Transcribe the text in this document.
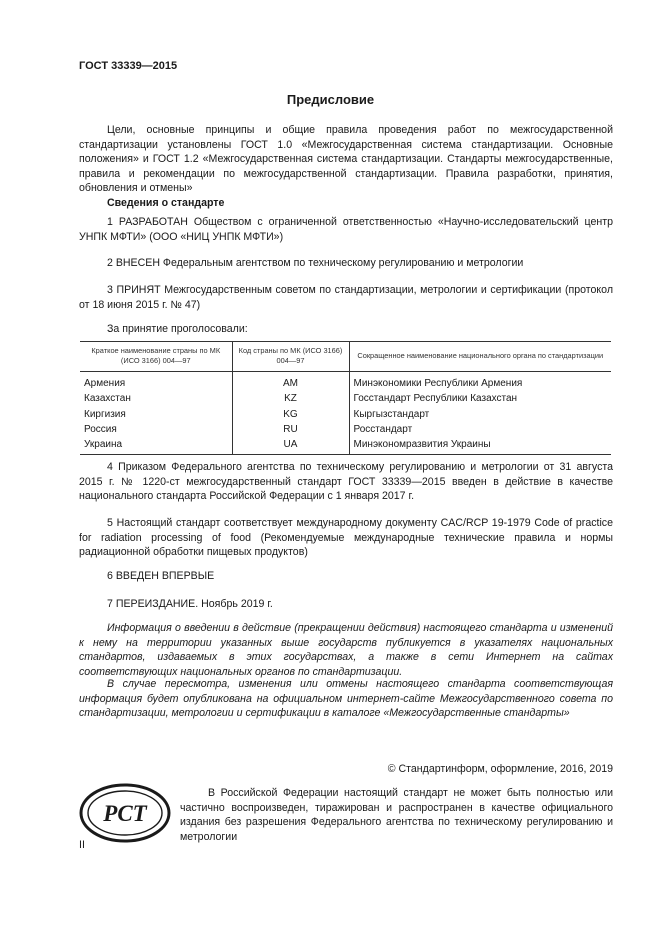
ГОСТ 33339—2015
Предисловие

Цели, основные принципы и общие правила проведения работ по межгосударственной стандартизации установлены ГОСТ 1.0 «Межгосударственная система стандартизации. Основные положения» и ГОСТ 1.2 «Межгосударственная система стандартизации. Стандарты межгосударственные, правила и рекомендации по межгосударственной стандартизации. Правила разработки, принятия, обновления и отмены»

Сведения о стандарте

1 РАЗРАБОТАН Обществом с ограниченной ответственностью «Научно-исследовательский центр УНПК МФТИ» (ООО «НИЦ УНПК МФТИ»)

2 ВНЕСЕН Федеральным агентством по техническому регулированию и метрологии

3 ПРИНЯТ Межгосударственным советом по стандартизации, метрологии и сертификации (протокол от 18 июня 2015 г. № 47)

За принятие проголосовали:

Краткое наименование страны по МК (ИСО 3166) 004—97	Код страны по МК (ИСО 3166) 004—97	Сокращенное наименование национального органа по стандартизации
Армения	AM	Минэкономики Республики Армения
Казахстан	KZ	Госстандарт Республики Казахстан
Киргизия	KG	Кыргызстандарт
Россия	RU	Росстандарт
Украина	UA	Минэкономразвития Украины

4 Приказом Федерального агентства по техническому регулированию и метрологии от 31 августа 2015 г. № 1220-ст межгосударственный стандарт ГОСТ 33339—2015 введен в действие в качестве национального стандарта Российской Федерации с 1 января 2017 г.

5 Настоящий стандарт соответствует международному документу CAC/RCP 19-1979 Code of practice for radiation processing of food (Рекомендуемые международные технические правила и нормы радиационной обработки пищевых продуктов)

6 ВВЕДЕН ВПЕРВЫЕ

7 ПЕРЕИЗДАНИЕ. Ноябрь 2019 г.

Информация о введении в действие (прекращении действия) настоящего стандарта и изменений к нему на территории указанных выше государств публикуется в указателях национальных стандартов, издаваемых в этих государствах, а также в сети Интернет на сайтах соответствующих национальных органов по стандартизации.

В случае пересмотра, изменения или отмены настоящего стандарта соответствующая информация будет опубликована на официальном интернет-сайте Межгосударственного совета по стандартизации, метрологии и сертификации в каталоге «Межгосударственные стандарты»

© Стандартинформ, оформление, 2016, 2019
РСТ

В Российской Федерации настоящий стандарт не может быть полностью или частично воспроизведен, тиражирован и распространен в качестве официального издания без разрешения Федерального агентства по техническому регулированию и метрологии

II
